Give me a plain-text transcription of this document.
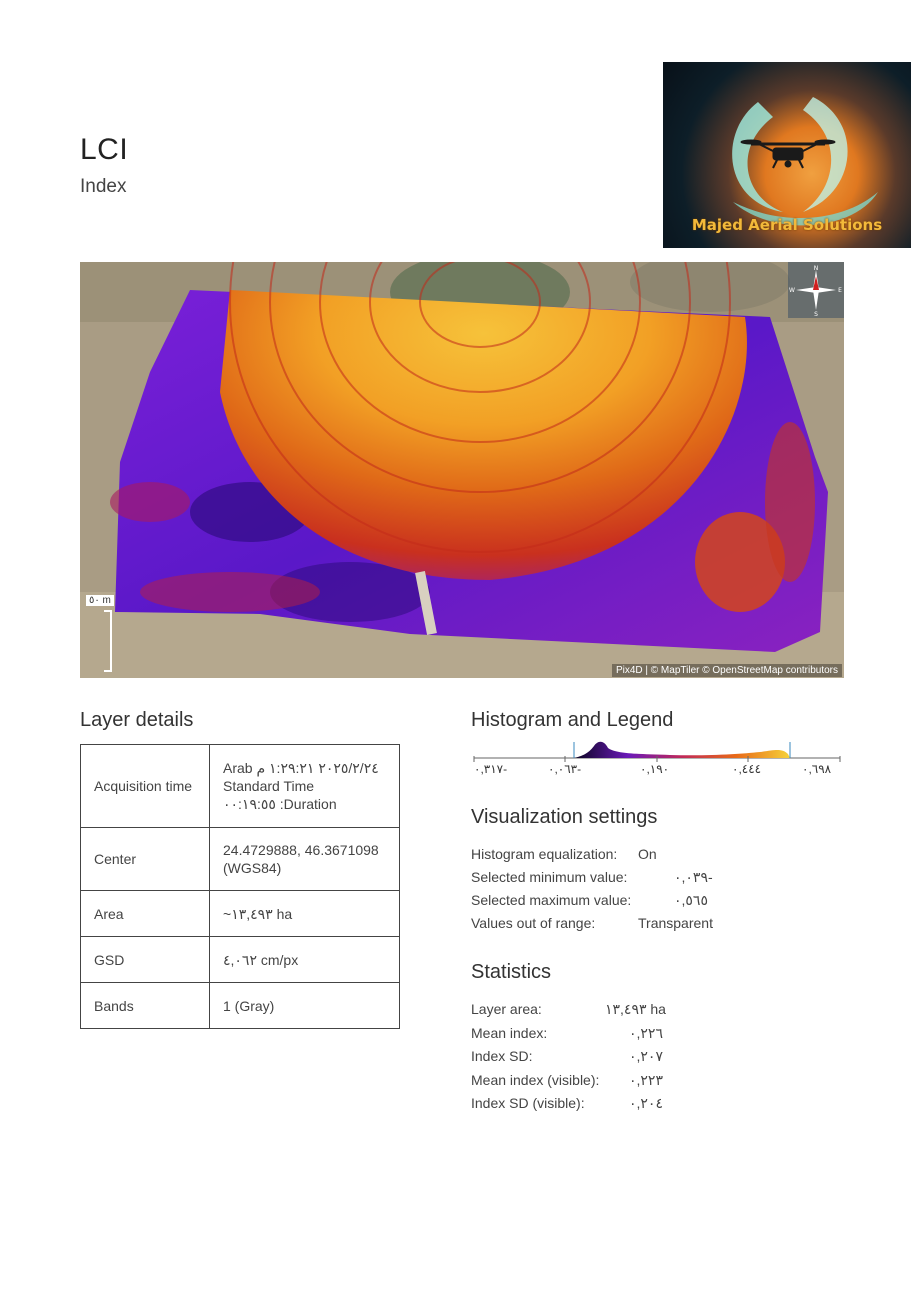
LCI
Index
Majed Aerial Solutions
N
S
E
W
٥٠ m
Pix4D | © MapTiler © OpenStreetMap contributors
Layer details
Acquisition time	Arab ٢٠٢٥/٢/٢٤ ١:٢٩:٢١ م
Standard Time
٠٠:١٩:٥٥ :Duration

Center	24.4729888, 46.3671098
(WGS84)

Area	~١٣,٤٩٣ ha

GSD	٤,٠٦٢ cm/px

Bands	1 (Gray)
Histogram and Legend
٠,٣١٧-	٠,٠٦٣-	٠,١٩٠	٠,٤٤٤	٠,٦٩٨
Visualization settings
Histogram equalization: On
Selected minimum value:	٠,٠٣٩-
Selected maximum value:	٠,٥٦٥
Values out of range:	Transparent
Statistics
Layer area:	١٣,٤٩٣ ha
Mean index:	٠,٢٢٦
Index SD:	٠,٢٠٧
Mean index (visible): ٠,٢٢٣
Index SD (visible):	٠,٢٠٤
